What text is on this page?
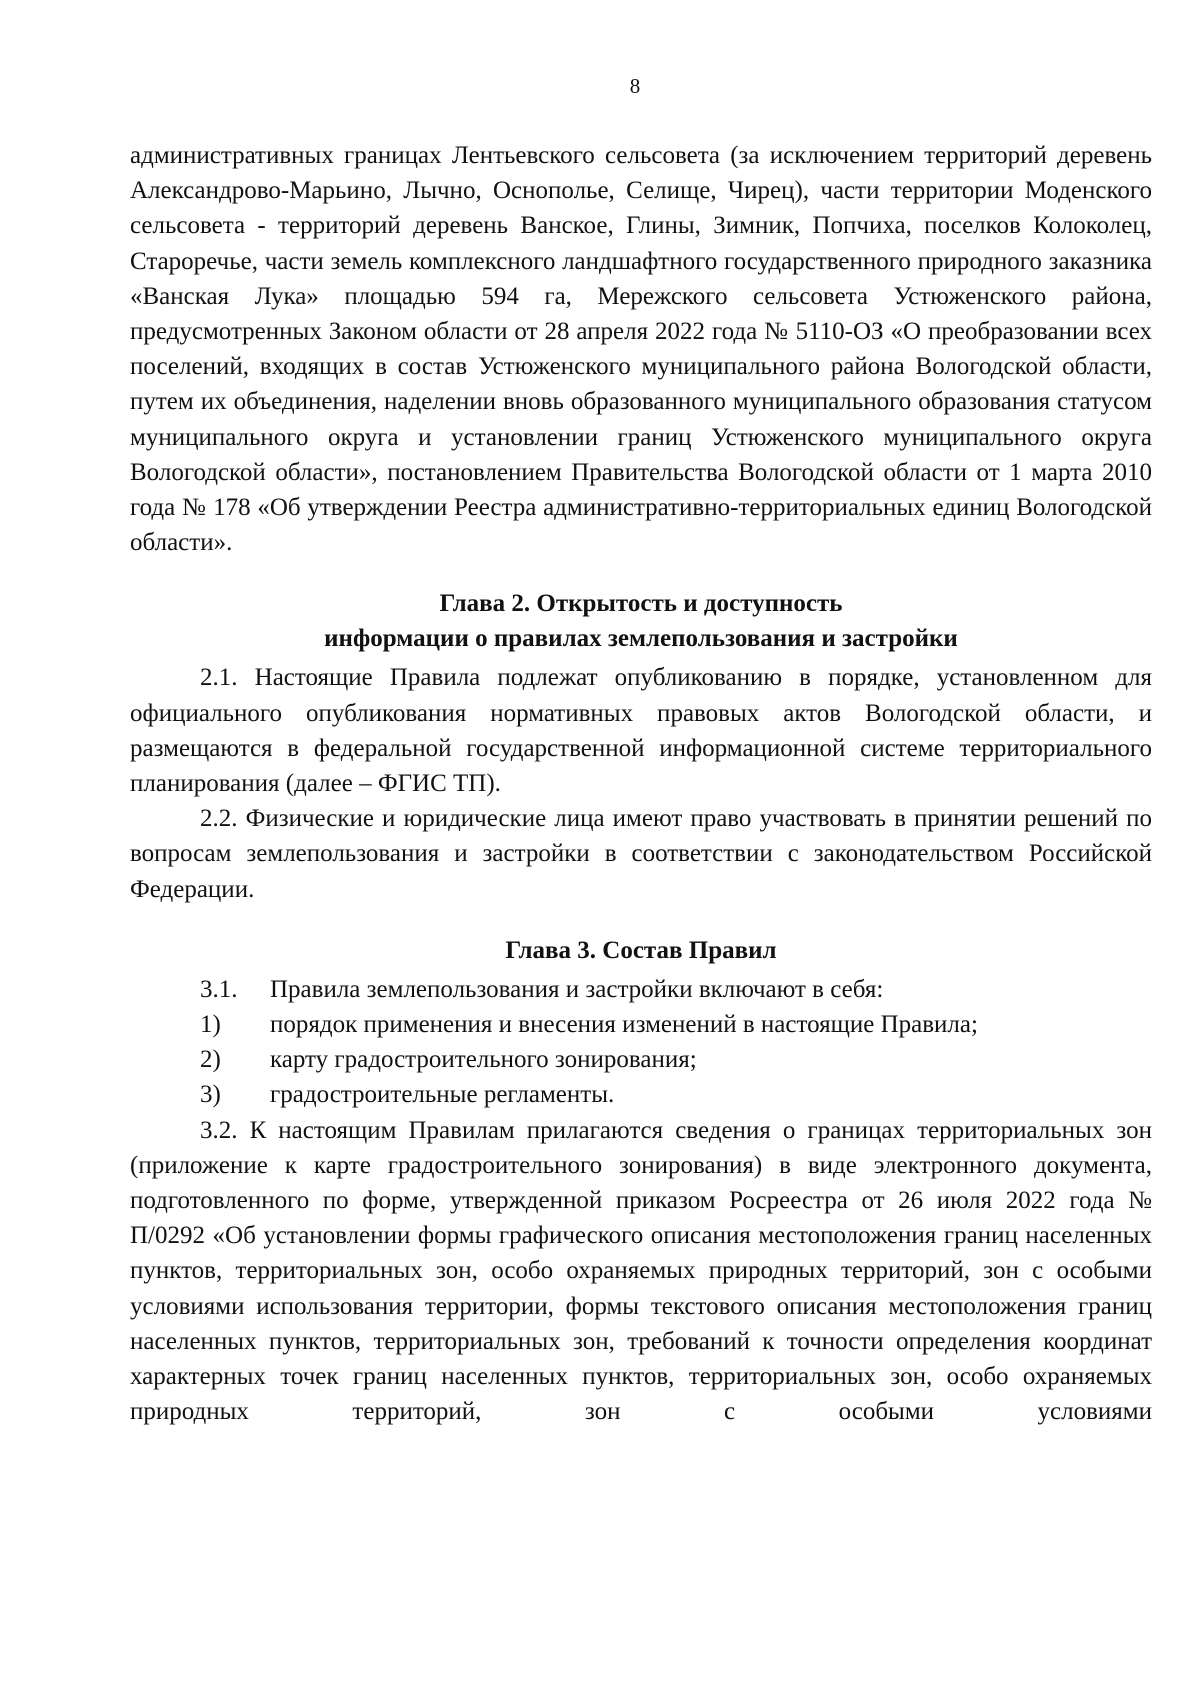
8

административных границах Лентьевского сельсовета (за исключением территорий деревень Александрово-Марьино, Лычно, Оснополье, Селище, Чирец), части территории Моденского сельсовета - территорий деревень Ванское, Глины, Зимник, Попчиха, поселков Колоколец, Староречье, части земель комплексного ландшафтного государственного природного заказника «Ванская Лука» площадью 594 га, Мережского сельсовета Устюженского района, предусмотренных Законом области от 28 апреля 2022 года № 5110-ОЗ «О преобразовании всех поселений, входящих в состав Устюженского муниципального района Вологодской области, путем их объединения, наделении вновь образованного муниципального образования статусом муниципального округа и установлении границ Устюженского муниципального округа Вологодской области», постановлением Правительства Вологодской области от 1 марта 2010 года № 178 «Об утверждении Реестра административно-территориальных единиц Вологодской области».

Глава 2. Открытость и доступность
информации о правилах землепользования и застройки

2.1. Настоящие Правила подлежат опубликованию в порядке, установленном для официального опубликования нормативных правовых актов Вологодской области, и размещаются в федеральной государственной информационной системе территориального планирования (далее – ФГИС ТП).

2.2. Физические и юридические лица имеют право участвовать в принятии решений по вопросам землепользования и застройки в соответствии с законодательством Российской Федерации.

Глава 3. Состав Правил
3.1.	Правила землепользования и застройки включают в себя:
1)	порядок применения и внесения изменений в настоящие Правила;
2)	карту градостроительного зонирования;
3)	градостроительные регламенты.

3.2. К настоящим Правилам прилагаются сведения о границах территориальных зон (приложение к карте градостроительного зонирования) в виде электронного документа, подготовленного по форме, утвержденной приказом Росреестра от 26 июля 2022 года № П/0292 «Об установлении формы графического описания местоположения границ населенных пунктов, территориальных зон, особо охраняемых природных территорий, зон с особыми условиями использования территории, формы текстового описания местоположения границ населенных пунктов, территориальных зон, требований к точности определения координат характерных точек границ населенных пунктов, территориальных зон, особо охраняемых природных территорий, зон с особыми условиями
